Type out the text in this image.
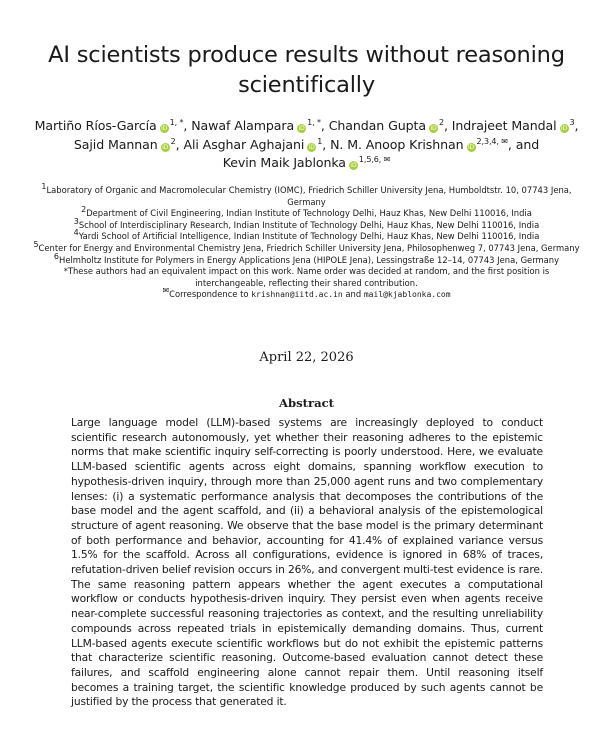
AI scientists produce results without reasoning scientifically
Martiño Ríos-García $iD^{1, *}$, Nawaf Alampara $iD^{1, *}$, Chandan Gupta $iD^2$, Indrajeet Mandal $iD^3$,
Sajid Mannan $iD^2$, Ali Asghar Aghajani $iD^1$, N. M. Anoop Krishnan $iD^{2,3,4, ✉}$, and
Kevin Maik Jablonka $iD^{1,5,6, ✉}$

$^1$Laboratory of Organic and Macromolecular Chemistry (IOMC), Friedrich Schiller University Jena, Humboldtstr. 10, 07743 Jena, Germany

$^2$Department of Civil Engineering, Indian Institute of Technology Delhi, Hauz Khas, New Delhi 110016, India

$^3$School of Interdisciplinary Research, Indian Institute of Technology Delhi, Hauz Khas, New Delhi 110016, India

$^4$Yardi School of Artificial Intelligence, Indian Institute of Technology Delhi, Hauz Khas, New Delhi 110016, India

$^5$Center for Energy and Environmental Chemistry Jena, Friedrich Schiller University Jena, Philosophenweg 7, 07743 Jena, Germany

$^6$Helmholtz Institute for Polymers in Energy Applications Jena (HIPOLE Jena), Lessingstraße 12–14, 07743 Jena, Germany

*These authors had an equivalent impact on this work. Name order was decided at random, and the first position is interchangeable, reflecting their shared contribution.

✉Correspondence to krishnan@iitd.ac.in and mail@kjablonka.com

April 22, 2026
Abstract
Large language model (LLM)-based systems are increasingly deployed to conduct scientific research autonomously, yet whether their reasoning adheres to the epistemic norms that make scientific inquiry self-correcting is poorly understood. Here, we evaluate LLM-based scientific agents across eight domains, spanning workflow execution to hypothesis-driven inquiry, through more than 25,000 agent runs and two complementary lenses: (i) a systematic performance analysis that decomposes the contributions of the base model and the agent scaffold, and (ii) a behavioral analysis of the epistemological structure of agent reasoning. We observe that the base model is the primary determinant of both performance and behavior, accounting for 41.4% of explained variance versus 1.5% for the scaffold. Across all configurations, evidence is ignored in 68% of traces, refutation-driven belief revision occurs in 26%, and convergent multi-test evidence is rare. The same reasoning pattern appears whether the agent executes a computational workflow or conducts hypothesis-driven inquiry. They persist even when agents receive near-complete successful reasoning trajectories as context, and the resulting unreliability compounds across repeated trials in epistemically demanding domains. Thus, current LLM-based agents execute scientific workflows but do not exhibit the epistemic patterns that characterize scientific reasoning. Outcome-based evaluation cannot detect these failures, and scaffold engineering alone cannot repair them. Until reasoning itself becomes a training target, the scientific knowledge produced by such agents cannot be justified by the process that generated it.
